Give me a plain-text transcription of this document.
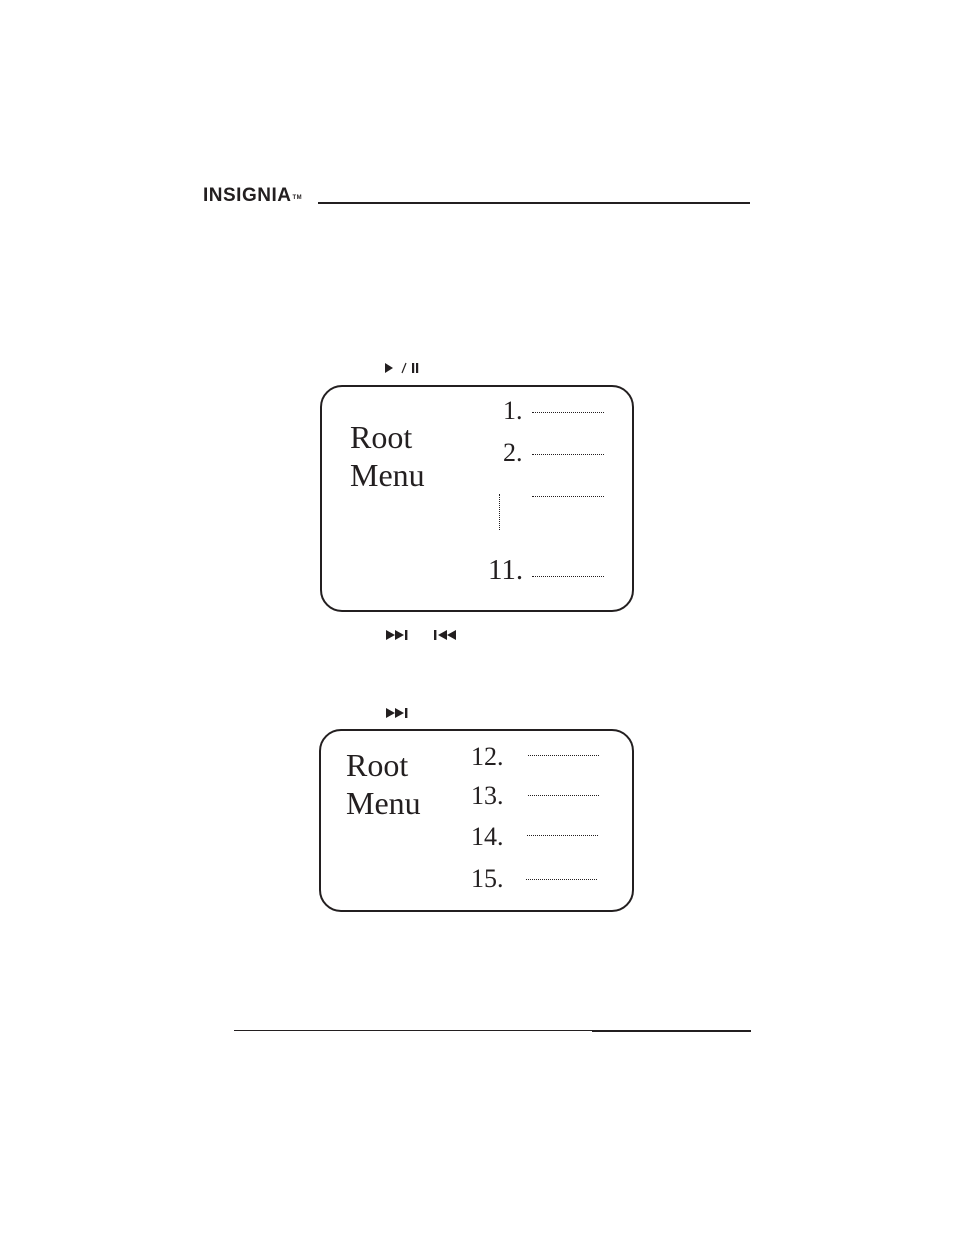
INSIGNIA™
Root
Menu
1.
2.
11.
Root
Menu
12.
13.
14.
15.
